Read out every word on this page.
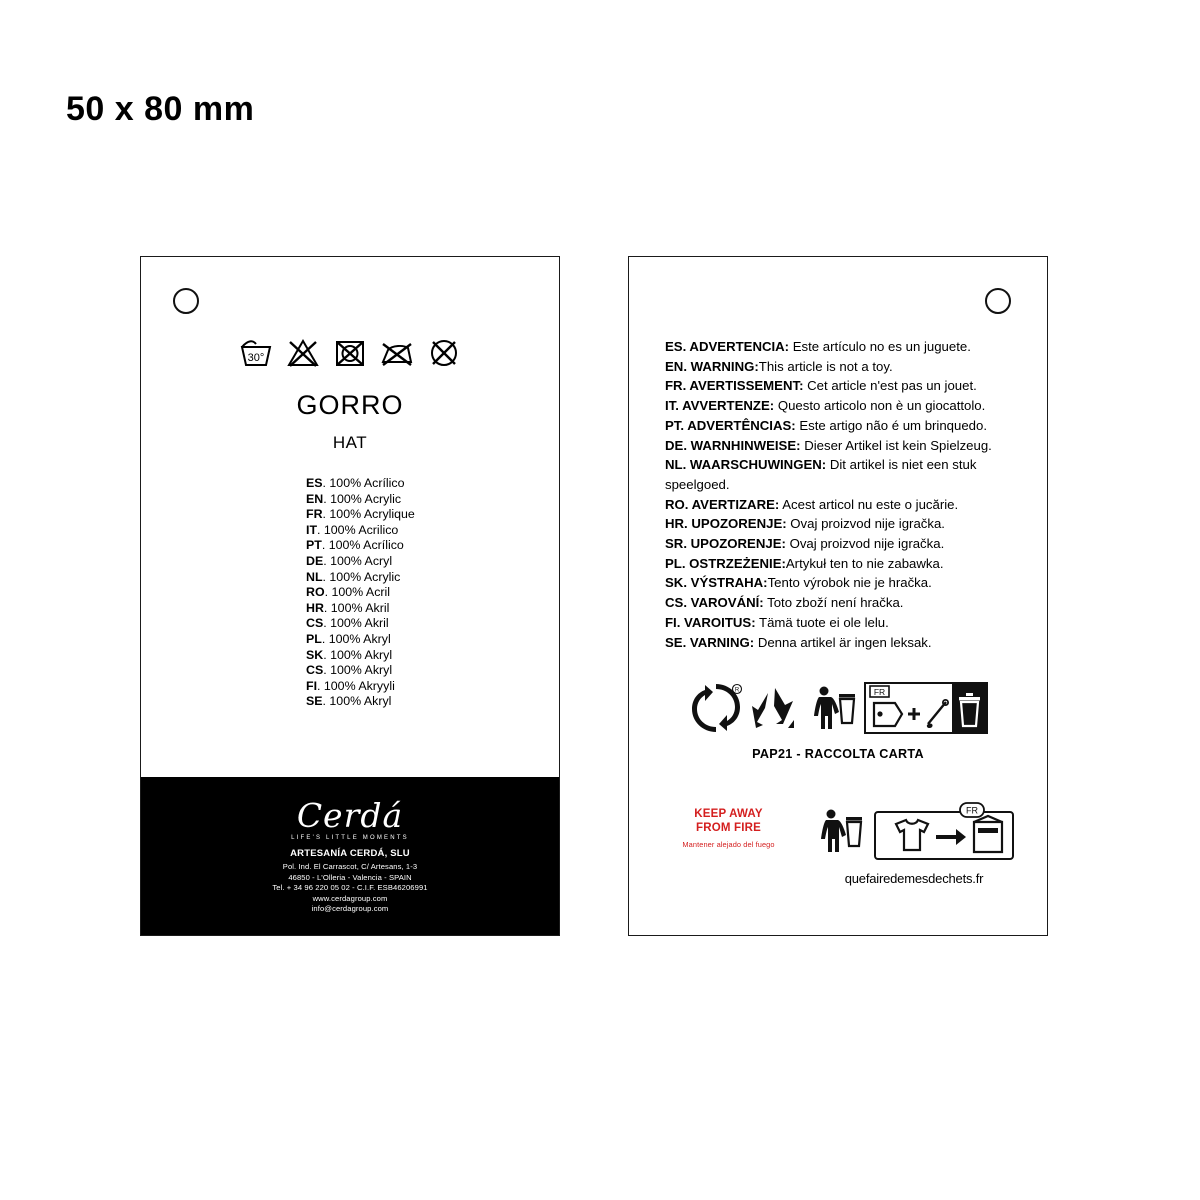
50 x 80 mm
30°
GORRO
HAT
ES. 100% Acrílico
EN. 100% Acrylic
FR. 100% Acrylique
IT. 100% Acrilico
PT. 100% Acrílico
DE. 100% Acryl
NL. 100% Acrylic
RO. 100% Acril
HR. 100% Akril
CS. 100% Akril
PL. 100% Akryl
SK. 100% Akryl
CS. 100% Akryl
FI. 100% Akryyli
SE. 100% Akryl
Cerdá
LIFE'S LITTLE MOMENTS
ARTESANÍA CERDÁ, SLU
Pol. Ind. El Carrascot, C/ Artesans, 1-3
46850 - L'Olleria - Valencia - SPAIN
Tel. + 34 96 220 05 02 - C.I.F. ESB46206991
www.cerdagroup.com
info@cerdagroup.com
ES. ADVERTENCIA: Este artículo no es un juguete.
EN. WARNING:This article is not a toy.
FR. AVERTISSEMENT: Cet article n'est pas un jouet.
IT. AVVERTENZE: Questo articolo non è un giocattolo.
PT. ADVERTÊNCIAS: Este artigo não é um brinquedo.
DE. WARNHINWEISE: Dieser Artikel ist kein Spielzeug.
NL. WAARSCHUWINGEN: Dit artikel is niet een stuk speelgoed.
RO. AVERTIZARE: Acest articol nu este o jucărie.
HR. UPOZORENJE: Ovaj proizvod nije igračka.
SR. UPOZORENJE: Ovaj proizvod nije igračka.
PL. OSTRZEŻENIE:Artykuł ten to nie zabawka.
SK. VÝSTRAHA:Tento výrobok nie je hračka.
CS. VAROVÁNÍ: Toto zboží není hračka.
FI. VAROITUS: Tämä tuote ei ole lelu.
SE. VARNING: Denna artikel är ingen leksak.
R	FR
PAP21 - RACCOLTA CARTA
KEEP AWAY
FROM FIRE
Mantener alejado del fuego
FR
quefairedemesdechets.fr
